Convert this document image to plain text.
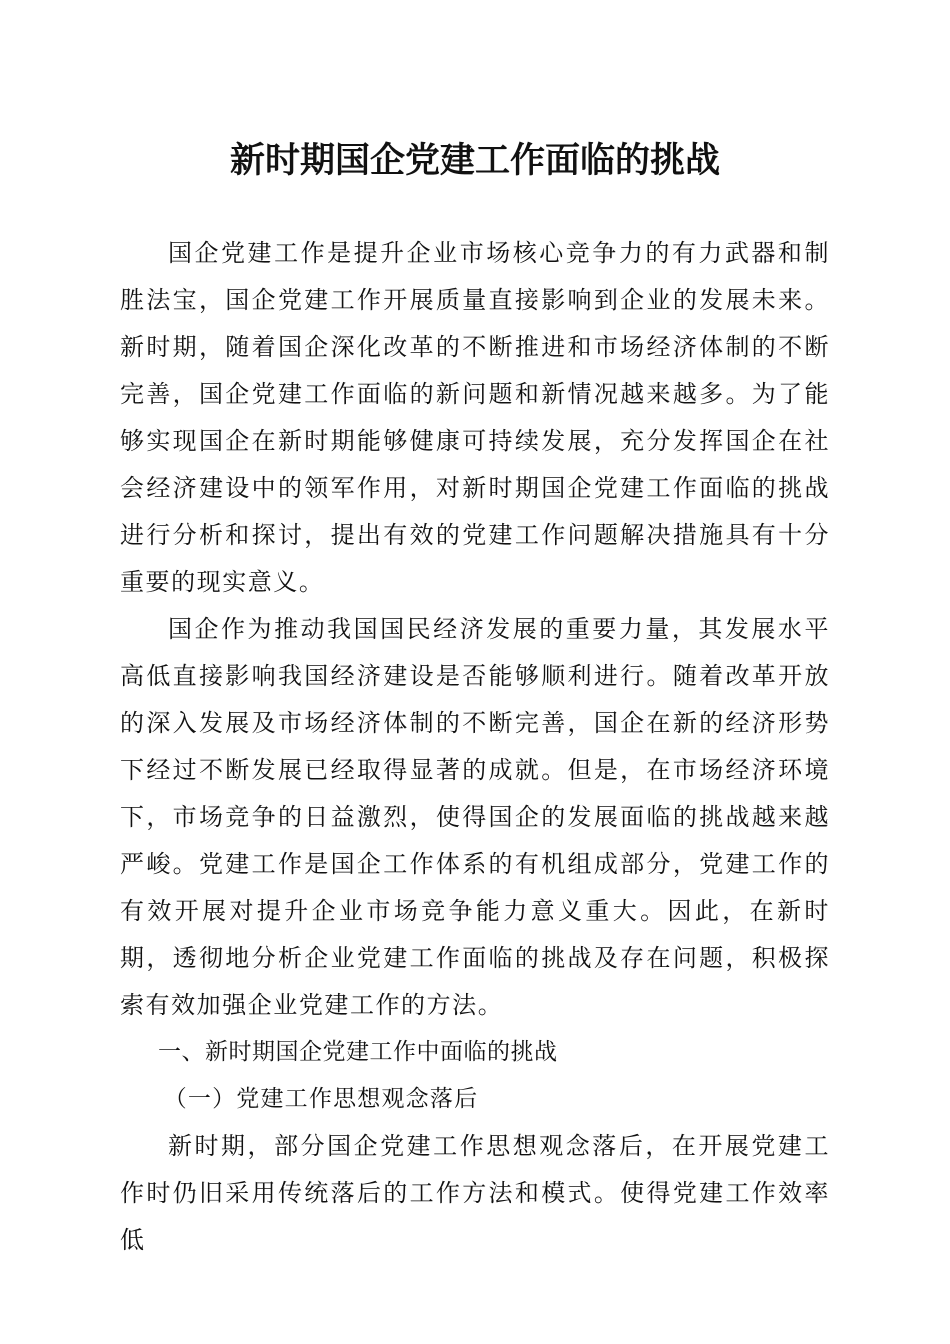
新时期国企党建工作面临的挑战

国企党建工作是提升企业市场核心竞争力的有力武器和制胜法宝，国企党建工作开展质量直接影响到企业的发展未来。新时期，随着国企深化改革的不断推进和市场经济体制的不断完善，国企党建工作面临的新问题和新情况越来越多。为了能够实现国企在新时期能够健康可持续发展，充分发挥国企在社会经济建设中的领军作用，对新时期国企党建工作面临的挑战进行分析和探讨，提出有效的党建工作问题解决措施具有十分重要的现实意义。

国企作为推动我国国民经济发展的重要力量，其发展水平高低直接影响我国经济建设是否能够顺利进行。随着改革开放的深入发展及市场经济体制的不断完善，国企在新的经济形势下经过不断发展已经取得显著的成就。但是，在市场经济环境下，市场竞争的日益激烈，使得国企的发展面临的挑战越来越严峻。党建工作是国企工作体系的有机组成部分，党建工作的有效开展对提升企业市场竞争能力意义重大。因此，在新时期，透彻地分析企业党建工作面临的挑战及存在问题，积极探索有效加强企业党建工作的方法。

一、新时期国企党建工作中面临的挑战

（一）党建工作思想观念落后

新时期，部分国企党建工作思想观念落后，在开展党建工作时仍旧采用传统落后的工作方法和模式。使得党建工作效率低
